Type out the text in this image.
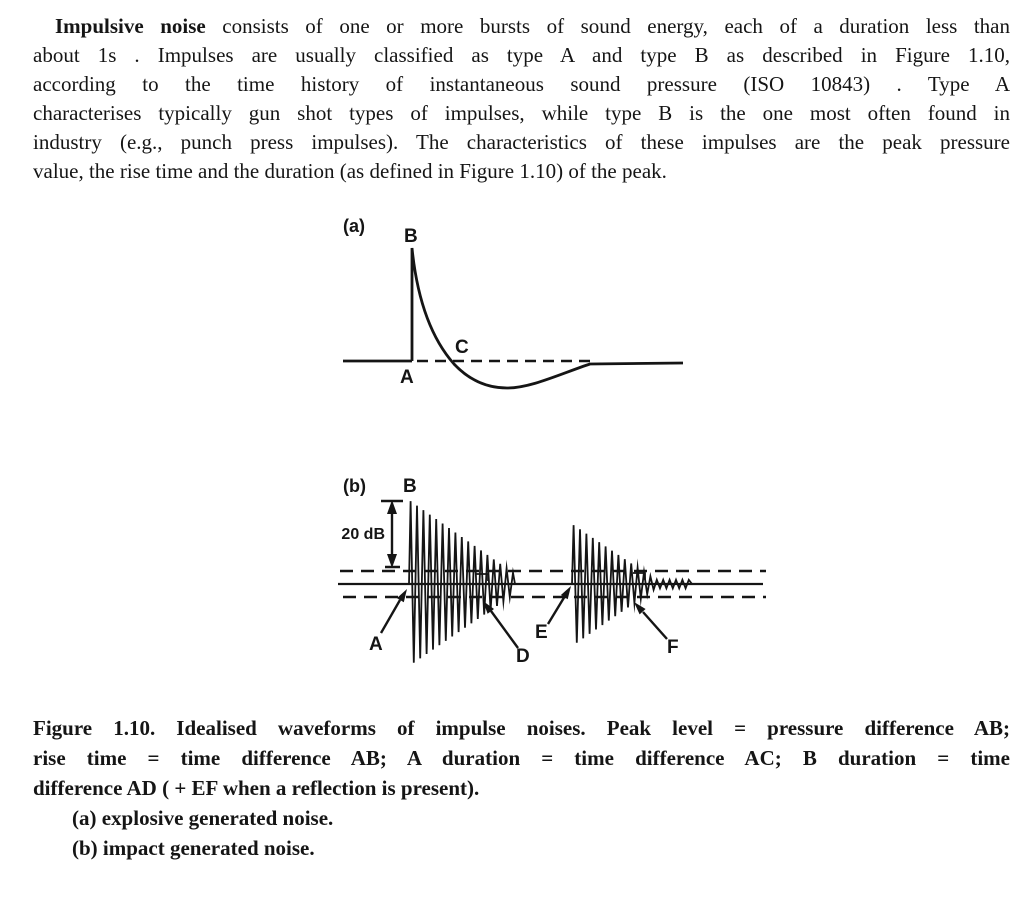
Impulsive noise consists of one or more bursts of sound energy, each of a duration less than
about 1s . Impulses are usually classified as type A and type B as described in Figure 1.10,
according to the time history of instantaneous sound pressure (ISO 10843) . Type A
characterises typically gun shot types of impulses, while type B is the one most often found in
industry (e.g., punch press impulses). The characteristics of these impulses are the peak pressure
value, the rise time and the duration (as defined in Figure 1.10) of the peak.
(a) B
A
C
20 dB
(b) B
A
D
E
F
Figure 1.10. Idealised waveforms of impulse noises. Peak level = pressure difference AB;
rise time = time difference AB; A duration = time difference AC; B duration = time
difference AD ( + EF when a reflection is present).
(a) explosive generated noise.
(b) impact generated noise.
